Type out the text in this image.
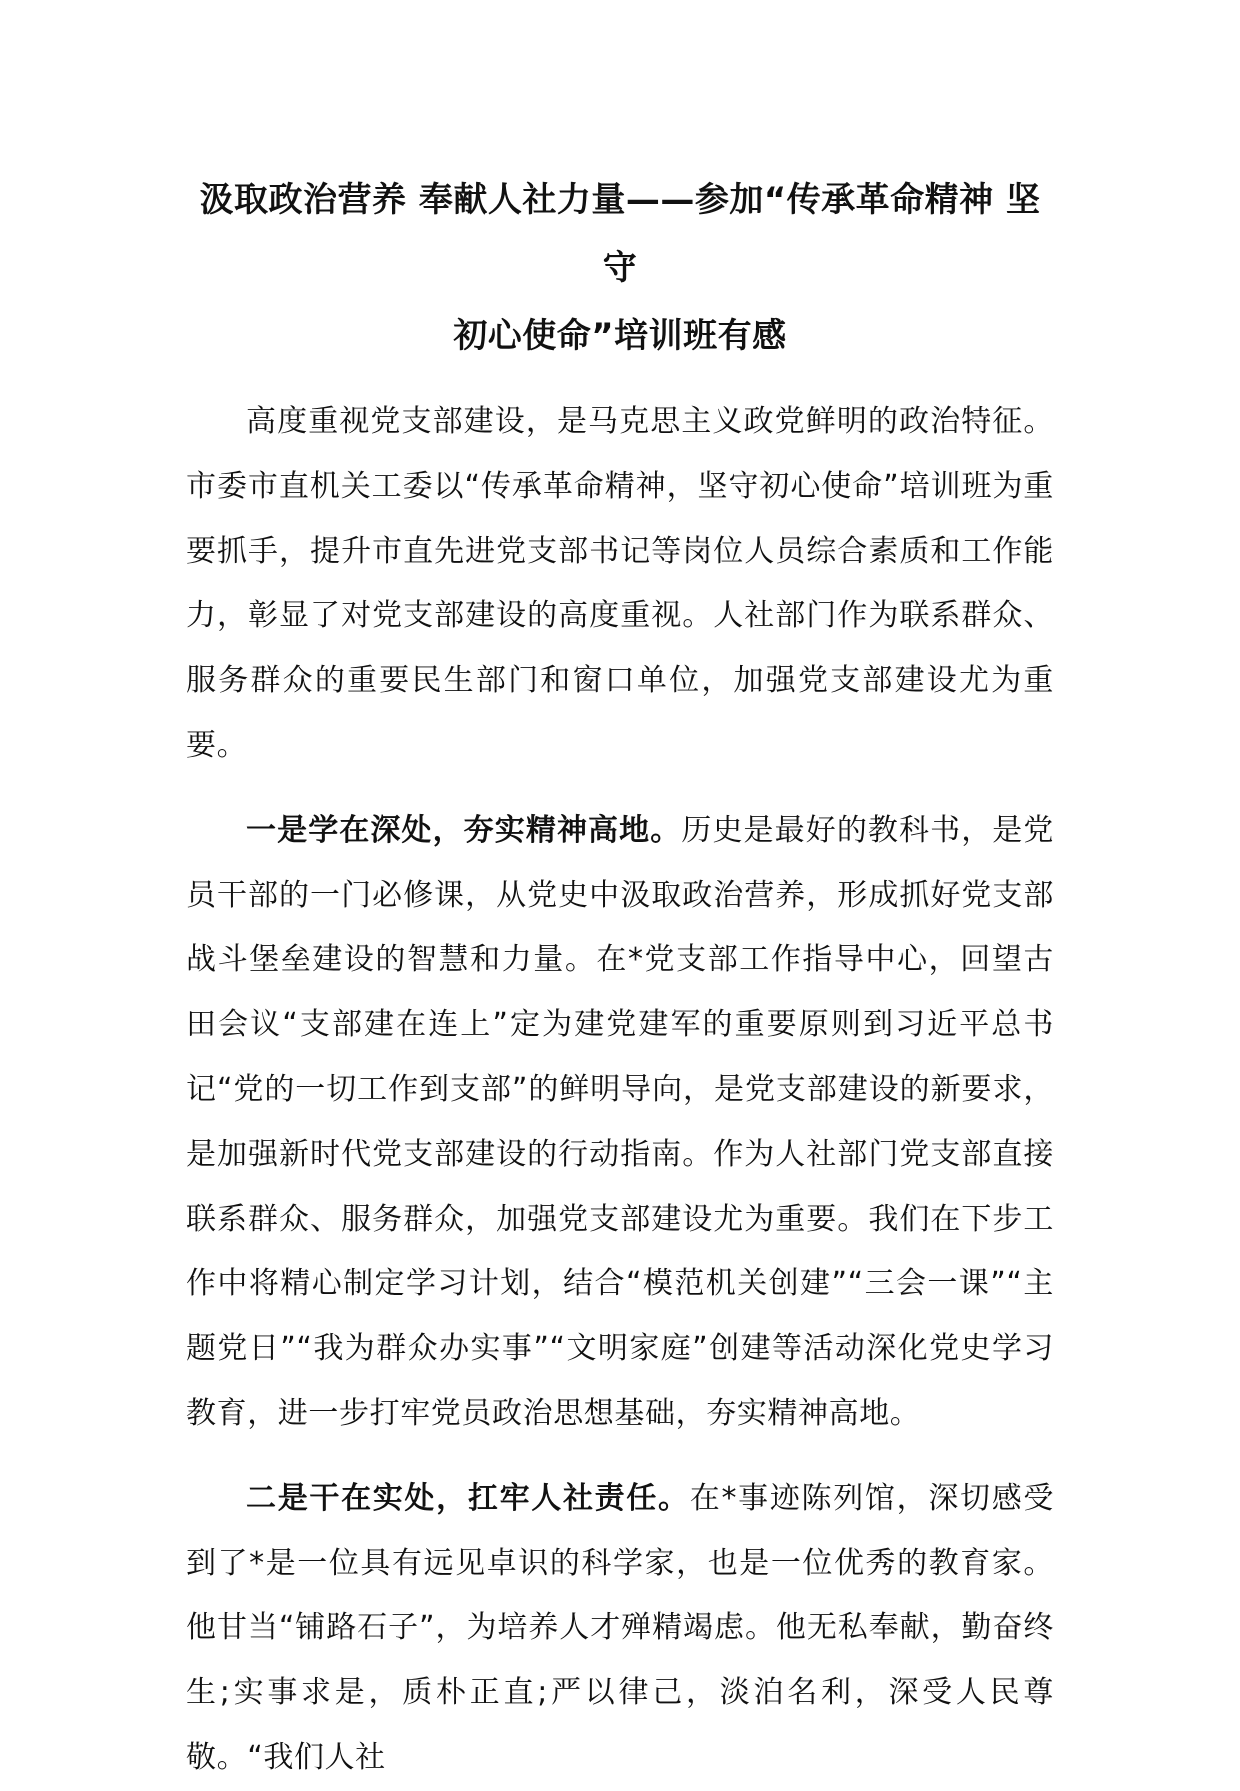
汲取政治营养 奉献人社力量——参加“传承革命精神 坚守
初心使命”培训班有感

高度重视党支部建设，是马克思主义政党鲜明的政治特征。市委市直机关工委以“传承革命精神，坚守初心使命”培训班为重要抓手，提升市直先进党支部书记等岗位人员综合素质和工作能力，彰显了对党支部建设的高度重视。人社部门作为联系群众、服务群众的重要民生部门和窗口单位，加强党支部建设尤为重要。

一是学在深处，夯实精神高地。历史是最好的教科书，是党员干部的一门必修课，从党史中汲取政治营养，形成抓好党支部战斗堡垒建设的智慧和力量。在*党支部工作指导中心，回望古田会议“支部建在连上”定为建党建军的重要原则到习近平总书记“党的一切工作到支部”的鲜明导向，是党支部建设的新要求，是加强新时代党支部建设的行动指南。作为人社部门党支部直接联系群众、服务群众，加强党支部建设尤为重要。我们在下步工作中将精心制定学习计划，结合“模范机关创建”“三会一课”“主题党日”“我为群众办实事”“文明家庭”创建等活动深化党史学习教育，进一步打牢党员政治思想基础，夯实精神高地。

二是干在实处，扛牢人社责任。在*事迹陈列馆，深切感受到了*是一位具有远见卓识的科学家，也是一位优秀的教育家。他甘当“铺路石子”，为培养人才殚精竭虑。他无私奉献，勤奋终生;实事求是，质朴正直;严以律己，淡泊名利，深受人民尊敬。“我们人社
